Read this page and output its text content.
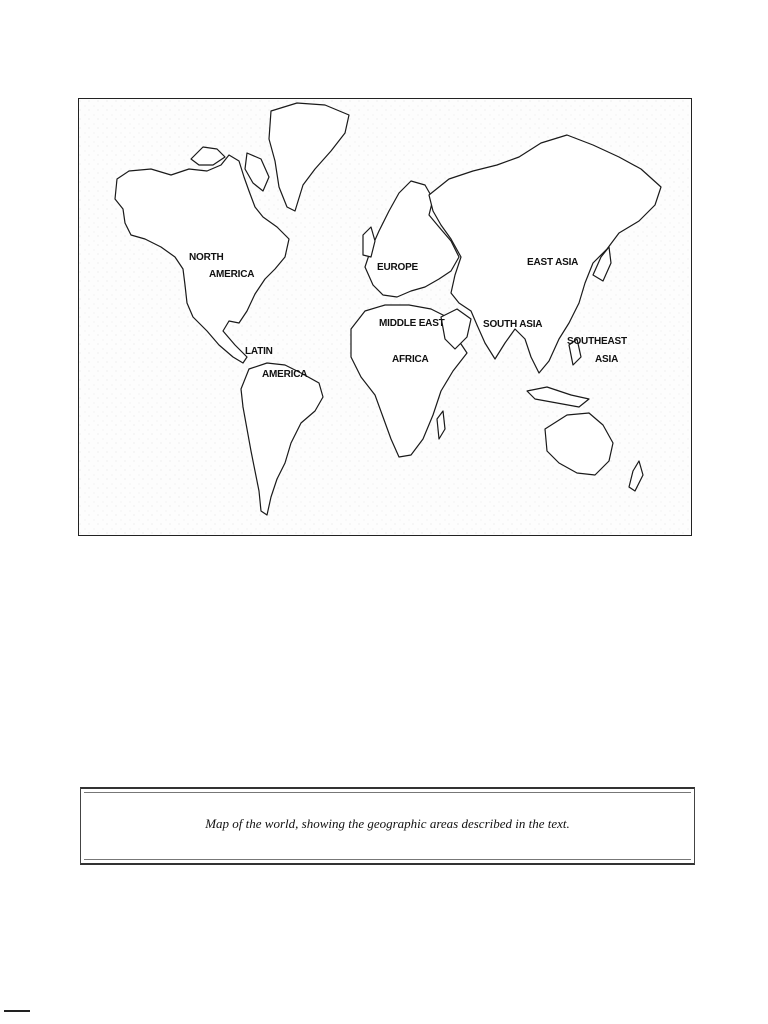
NORTH
AMERICA
EUROPE	EAST ASIA
MIDDLE EAST	SOUTH ASIA
SOUTHEAST
ASIA
LATIN
AMERICA
AFRICA
Map of the world, showing the geographic areas described in the text.
